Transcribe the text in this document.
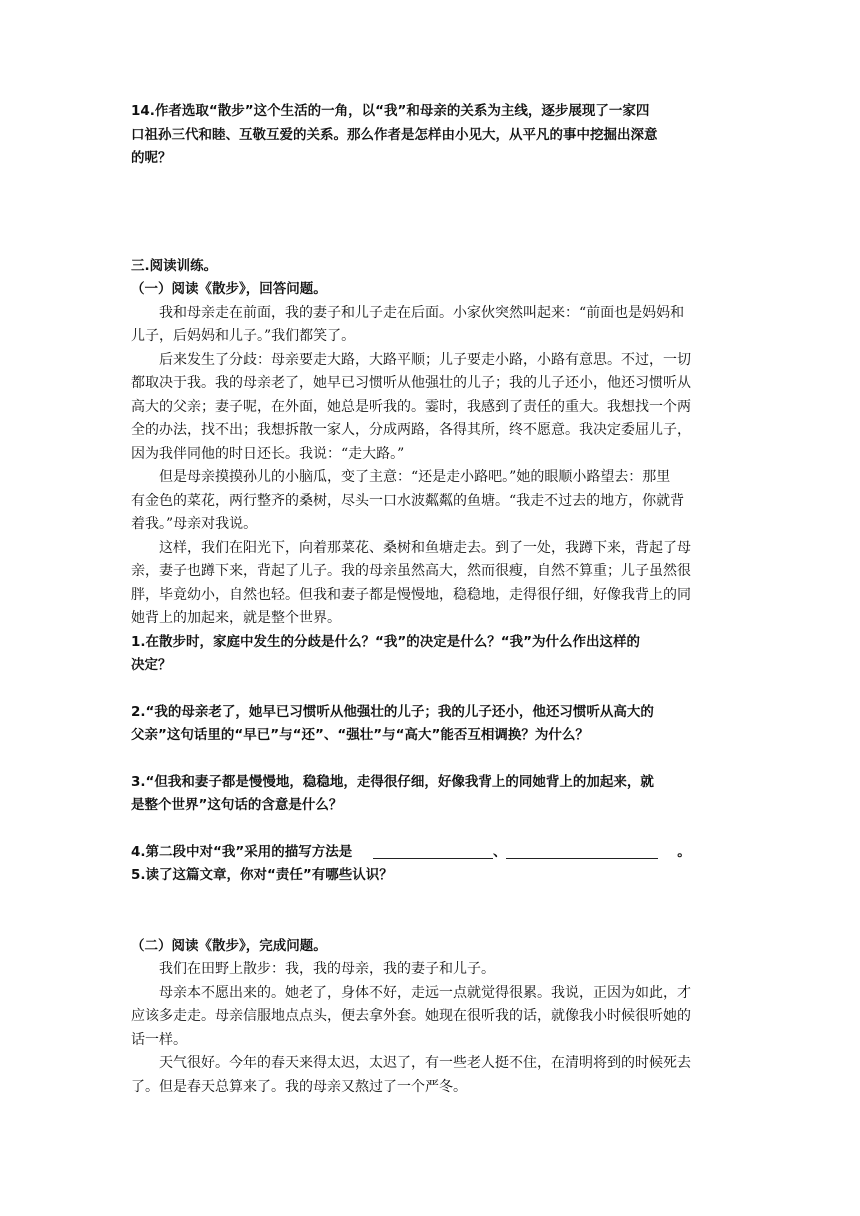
14.作者选取“散步”这个生活的一角，以“我”和母亲的关系为主线，逐步展现了一家四

口祖孙三代和睦、互敬互爱的关系。那么作者是怎样由小见大，从平凡的事中挖掘出深意

的呢？

三.阅读训练。

（一）阅读《散步》，回答问题。

我和母亲走在前面，我的妻子和儿子走在后面。小家伙突然叫起来：“前面也是妈妈和

儿子，后妈妈和儿子。”我们都笑了。

后来发生了分歧：母亲要走大路，大路平顺；儿子要走小路，小路有意思。不过，一切

都取决于我。我的母亲老了，她早已习惯听从他强壮的儿子；我的儿子还小，他还习惯听从

高大的父亲；妻子呢，在外面，她总是听我的。霎时，我感到了责任的重大。我想找一个两

全的办法，找不出；我想拆散一家人，分成两路，各得其所，终不愿意。我决定委屈儿子，

因为我伴同他的时日还长。我说：“走大路。”

但是母亲摸摸孙儿的小脑瓜，变了主意：“还是走小路吧。”她的眼顺小路望去：那里

有金色的菜花，两行整齐的桑树，尽头一口水波粼粼的鱼塘。“我走不过去的地方，你就背

着我。”母亲对我说。

这样，我们在阳光下，向着那菜花、桑树和鱼塘走去。到了一处，我蹲下来，背起了母

亲，妻子也蹲下来，背起了儿子。我的母亲虽然高大，然而很瘦，自然不算重；儿子虽然很

胖，毕竟幼小，自然也轻。但我和妻子都是慢慢地，稳稳地，走得很仔细，好像我背上的同

她背上的加起来，就是整个世界。

1.在散步时，家庭中发生的分歧是什么？“我”的决定是什么？“我”为什么作出这样的

决定？

2.“我的母亲老了，她早已习惯听从他强壮的儿子；我的儿子还小，他还习惯听从高大的

父亲”这句话里的“早已”与“还”、“强壮”与“高大”能否互相调换？为什么？

3.“但我和妻子都是慢慢地，稳稳地，走得很仔细，好像我背上的同她背上的加起来，就

是整个世界”这句话的含意是什么？

4.第二段中对“我”采用的描写方法是	、	。

5.读了这篇文章，你对“责任”有哪些认识？

（二）阅读《散步》，完成问题。

我们在田野上散步：我，我的母亲，我的妻子和儿子。

母亲本不愿出来的。她老了，身体不好，走远一点就觉得很累。我说，正因为如此，才

应该多走走。母亲信服地点点头，便去拿外套。她现在很听我的话，就像我小时候很听她的

话一样。

天气很好。今年的春天来得太迟，太迟了，有一些老人挺不住，在清明将到的时候死去

了。但是春天总算来了。我的母亲又熬过了一个严冬。
